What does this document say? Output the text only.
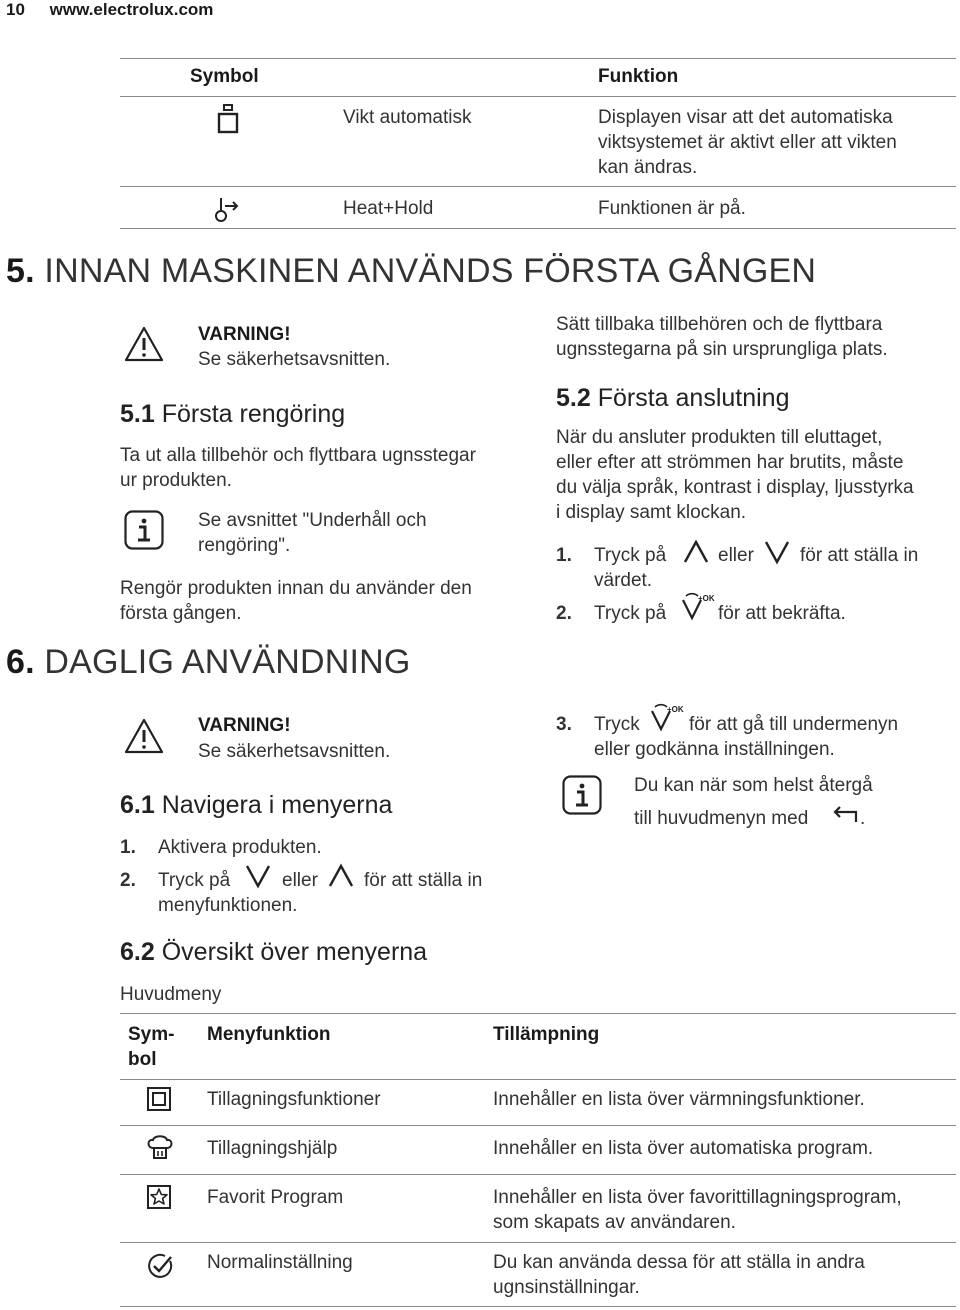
10 www.electrolux.com
Symbol	Funktion
Vikt automatisk	Displayen visar att det automatiska
viktsystemet är aktivt eller att vikten
kan ändras.
Heat+Hold	Funktionen är på.
5. INNAN MASKINEN ANVÄNDS FÖRSTA GÅNGEN
VARNING!
Se säkerhetsavsnitten.
5.1 Första rengöring
Ta ut alla tillbehör och flyttbara ugnsstegar
ur produkten.
Se avsnittet "Underhåll och
rengöring".
Rengör produkten innan du använder den
första gången.
Sätt tillbaka tillbehören och de flyttbara
ugnsstegarna på sin ursprungliga plats.
5.2 Första anslutning
När du ansluter produkten till eluttaget,
eller efter att strömmen har brutits, måste
du välja språk, kontrast i display, ljusstyrka
i display samt klockan.
1. Tryck på	eller för att ställa in
värdet.
2. Tryck på
+OK
för att bekräfta.
6. DAGLIG ANVÄNDNING
VARNING!
Se säkerhetsavsnitten.
6.1 Navigera i menyerna
1. Aktivera produkten.
2. Tryck på	eller för att ställa in
menyfunktionen.
3. Tryck
+OK
för att gå till undermenyn
eller godkänna inställningen.
Du kan när som helst återgå
till huvudmenyn med	.
6.2 Översikt över menyerna
Huvudmeny
Sym-
bol
Menyfunktion	Tillämpning
Tillagningsfunktioner	Innehåller en lista över värmningsfunktioner.
Tillagningshjälp	Innehåller en lista över automatiska program.
Favorit Program	Innehåller en lista över favorittillagningsprogram,
som skapats av användaren.
Normalinställning	Du kan använda dessa för att ställa in andra
ugnsinställningar.
